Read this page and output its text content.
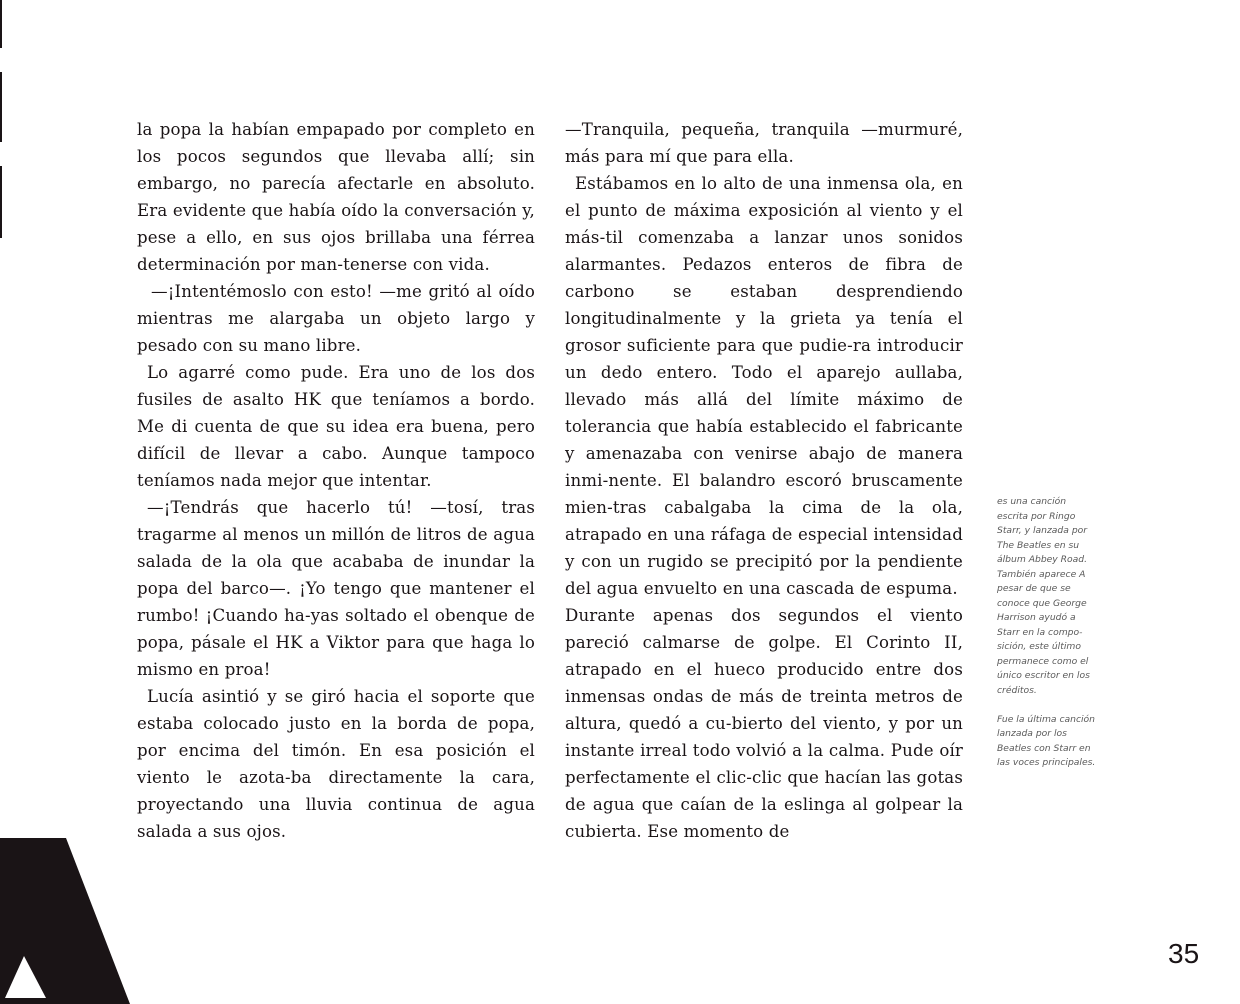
la popa la habían empapado por completo en los pocos segundos que llevaba allí; sin embargo, no parecía afectarle en absoluto. Era evidente que había oído la conversación y, pese a ello, en sus ojos brillaba una férrea determinación por man-tenerse con vida.

—¡Intentémoslo con esto! —me gritó al oído mientras me alargaba un objeto largo y pesado con su mano libre.

Lo agarré como pude. Era uno de los dos fusiles de asalto HK que teníamos a bordo. Me di cuenta de que su idea era buena, pero difícil de llevar a cabo. Aunque tampoco teníamos nada mejor que intentar.

—¡Tendrás que hacerlo tú! —tosí, tras tragarme al menos un millón de litros de agua salada de la ola que acababa de inundar la popa del barco—. ¡Yo tengo que mantener el rumbo! ¡Cuando ha-yas soltado el obenque de popa, pásale el HK a Viktor para que haga lo mismo en proa!

Lucía asintió y se giró hacia el soporte que estaba colocado justo en la borda de popa, por encima del timón. En esa posición el viento le azota-ba directamente la cara, proyectando una lluvia continua de agua salada a sus ojos.

—Tranquila, pequeña, tranquila —murmuré, más para mí que para ella.

Estábamos en lo alto de una inmensa ola, en el punto de máxima exposición al viento y el más-til comenzaba a lanzar unos sonidos alarmantes. Pedazos enteros de fibra de carbono se estaban desprendiendo longitudinalmente y la grieta ya tenía el grosor suficiente para que pudie-ra introducir un dedo entero. Todo el aparejo aullaba, llevado más allá del límite máximo de tolerancia que había establecido el fabricante y amenazaba con venirse abajo de manera inmi-nente. El balandro escoró bruscamente mien-tras cabalgaba la cima de la ola, atrapado en una ráfaga de especial intensidad y con un rugido se precipitó por la pendiente del agua envuelto en una cascada de espuma.

Durante apenas dos segundos el viento pareció calmarse de golpe. El Corinto II, atrapado en el hueco producido entre dos inmensas ondas de más de treinta metros de altura, quedó a cu-bierto del viento, y por un instante irreal todo volvió a la calma. Pude oír perfectamente el clic-clic que hacían las gotas de agua que caían de la eslinga al golpear la cubierta. Ese momento de

es una canción escrita por Ringo Starr, y lanzada por The Beatles en su álbum Abbey Road. También aparece A pesar de que se conoce que George Harrison ayudó a Starr en la compo-sición, este último permanece como el único escritor en los créditos.

Fue la última canción lanzada por los Beatles con Starr en las voces principales.

35
